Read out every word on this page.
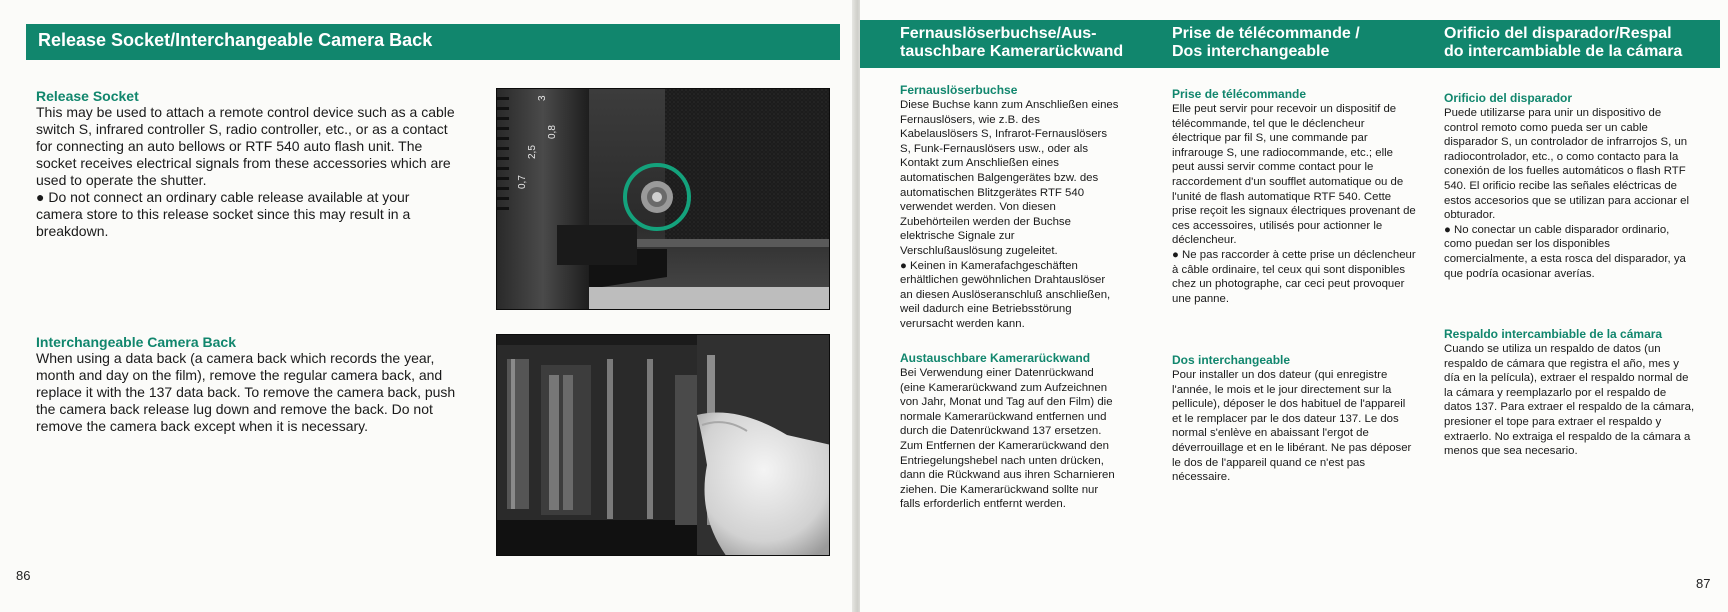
Release Socket/Interchangeable Camera Back
Release Socket
This may be used to attach a remote control device such as a cable switch S, infrared controller S, radio controller, etc., or as a contact for connecting an auto bellows or RTF 540 auto flash unit. The socket receives electrical signals from these accessories which are used to operate the shutter.
● Do not connect an ordinary cable release available at your camera store to this release socket since this may result in a breakdown.
Interchangeable Camera Back
When using a data back (a camera back which records the year, month and day on the film), remove the regular camera back, and replace it with the 137 data back. To remove the camera back, push the camera back release lug down and remove the back. Do not remove the camera back except when it is necessary.
3
0,8
2,5
0,7
86
Fernauslöserbuchse/Aus-
tauschbare Kamerarückwand
Prise de télécommande /
Dos interchangeable
Orificio del disparador/Respal
do intercambiable de la cámara
Fernauslöserbuchse
Diese Buchse kann zum Anschließen eines Fernauslösers, wie z.B. des Kabelauslösers S, Infrarot-Fernauslösers S, Funk-Fernauslösers usw., oder als Kontakt zum Anschließen eines automatischen Balgengerätes bzw. des automatischen Blitzgerätes RTF 540 verwendet werden. Von diesen Zubehörteilen werden der Buchse elektrische Signale zur Verschlußauslösung zugeleitet.
● Keinen in Kamerafachgeschäften erhältlichen gewöhnlichen Drahtauslöser an diesen Auslöseranschluß anschließen, weil dadurch eine Betriebsstörung verursacht werden kann.
Austauschbare Kamerarückwand
Bei Verwendung einer Datenrückwand (eine Kamerarückwand zum Aufzeichnen von Jahr, Monat und Tag auf den Film) die normale Kamerarückwand entfernen und durch die Datenrückwand 137 ersetzen. Zum Entfernen der Kamerarückwand den Entriegelungshebel nach unten drücken, dann die Rückwand aus ihren Scharnieren ziehen. Die Kamerarückwand sollte nur falls erforderlich entfernt werden.
Prise de télécommande
Elle peut servir pour recevoir un dispositif de télécommande, tel que le déclencheur électrique par fil S, une commande par infrarouge S, une radiocommande, etc.; elle peut aussi servir comme contact pour le raccordement d'un soufflet automatique ou de l'unité de flash automatique RTF 540. Cette prise reçoit les signaux électriques provenant de ces accessoires, utilisés pour actionner le déclencheur.
● Ne pas raccorder à cette prise un déclencheur à câble ordinaire, tel ceux qui sont disponibles chez un photographe, car ceci peut provoquer une panne.
Dos interchangeable
Pour installer un dos dateur (qui enregistre l'année, le mois et le jour directement sur la pellicule), déposer le dos habituel de l'appareil et le remplacer par le dos dateur 137. Le dos normal s'enlève en abaissant l'ergot de déverrouillage et en le libérant. Ne pas déposer le dos de l'appareil quand ce n'est pas nécessaire.
Orificio del disparador
Puede utilizarse para unir un dispositivo de control remoto como pueda ser un cable disparador S, un controlador de infrarrojos S, un radiocontrolador, etc., o como contacto para la conexión de los fuelles automáticos o flash RTF 540. El orificio recibe las señales eléctricas de estos accesorios que se utilizan para accionar el obturador.
● No conectar un cable disparador ordinario, como puedan ser los disponibles comercialmente, a esta rosca del disparador, ya que podría ocasionar averías.
Respaldo intercambiable de la cámara
Cuando se utiliza un respaldo de datos (un respaldo de cámara que registra el año, mes y día en la película), extraer el respaldo normal de la cámara y reemplazarlo por el respaldo de datos 137. Para extraer el respaldo de la cámara, presioner el tope para extraer el respaldo y extraerlo. No extraiga el respaldo de la cámara a menos que sea necesario.
87
